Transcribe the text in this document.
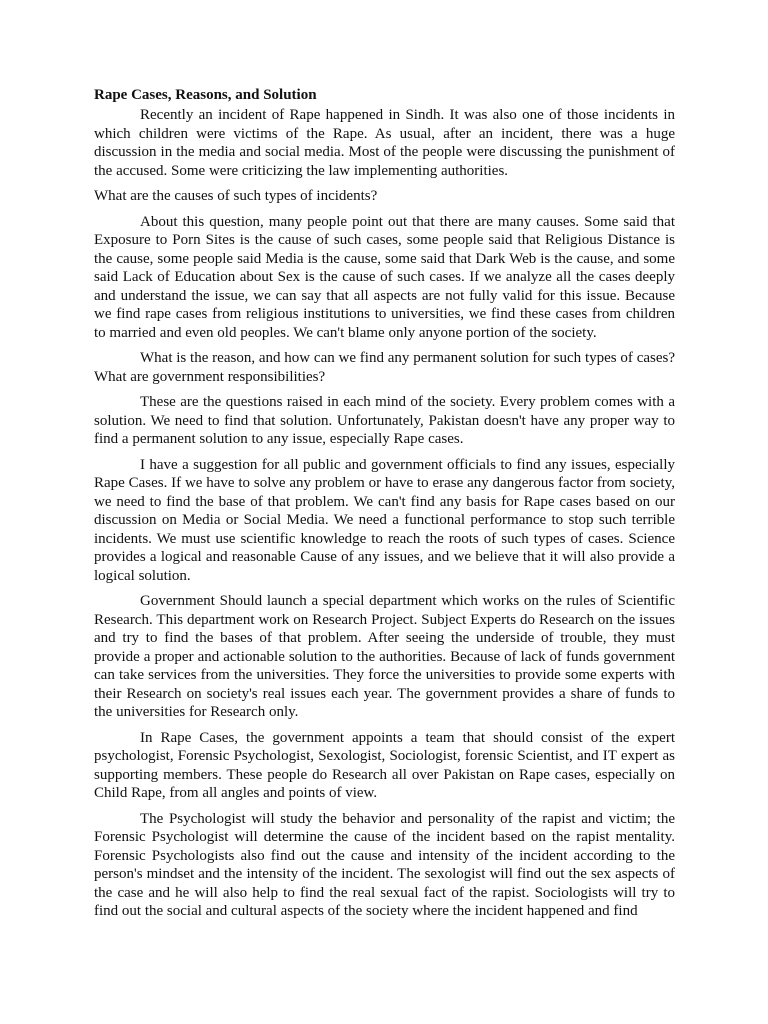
Rape Cases, Reasons, and Solution

Recently an incident of Rape happened in Sindh. It was also one of those incidents in which children were victims of the Rape. As usual, after an incident, there was a huge discussion in the media and social media. Most of the people were discussing the punishment of the accused. Some were criticizing the law implementing authorities.

What are the causes of such types of incidents?

About this question, many people point out that there are many causes. Some said that Exposure to Porn Sites is the cause of such cases, some people said that Religious Distance is the cause, some people said Media is the cause, some said that Dark Web is the cause, and some said Lack of Education about Sex is the cause of such cases. If we analyze all the cases deeply and understand the issue, we can say that all aspects are not fully valid for this issue. Because we find rape cases from religious institutions to universities, we find these cases from children to married and even old peoples. We can't blame only anyone portion of the society.

What is the reason, and how can we find any permanent solution for such types of cases? What are government responsibilities?

These are the questions raised in each mind of the society. Every problem comes with a solution. We need to find that solution. Unfortunately, Pakistan doesn't have any proper way to find a permanent solution to any issue, especially Rape cases.

I have a suggestion for all public and government officials to find any issues, especially Rape Cases. If we have to solve any problem or have to erase any dangerous factor from society, we need to find the base of that problem. We can't find any basis for Rape cases based on our discussion on Media or Social Media. We need a functional performance to stop such terrible incidents. We must use scientific knowledge to reach the roots of such types of cases. Science provides a logical and reasonable Cause of any issues, and we believe that it will also provide a logical solution.

Government Should launch a special department which works on the rules of Scientific Research. This department work on Research Project. Subject Experts do Research on the issues and try to find the bases of that problem. After seeing the underside of trouble, they must provide a proper and actionable solution to the authorities. Because of lack of funds government can take services from the universities. They force the universities to provide some experts with their Research on society's real issues each year. The government provides a share of funds to the universities for Research only.

In Rape Cases, the government appoints a team that should consist of the expert psychologist, Forensic Psychologist, Sexologist, Sociologist, forensic Scientist, and IT expert as supporting members. These people do Research all over Pakistan on Rape cases, especially on Child Rape, from all angles and points of view.

The Psychologist will study the behavior and personality of the rapist and victim; the Forensic Psychologist will determine the cause of the incident based on the rapist mentality. Forensic Psychologists also find out the cause and intensity of the incident according to the person's mindset and the intensity of the incident. The sexologist will find out the sex aspects of the case and he will also help to find the real sexual fact of the rapist. Sociologists will try to find out the social and cultural aspects of the society where the incident happened and find
